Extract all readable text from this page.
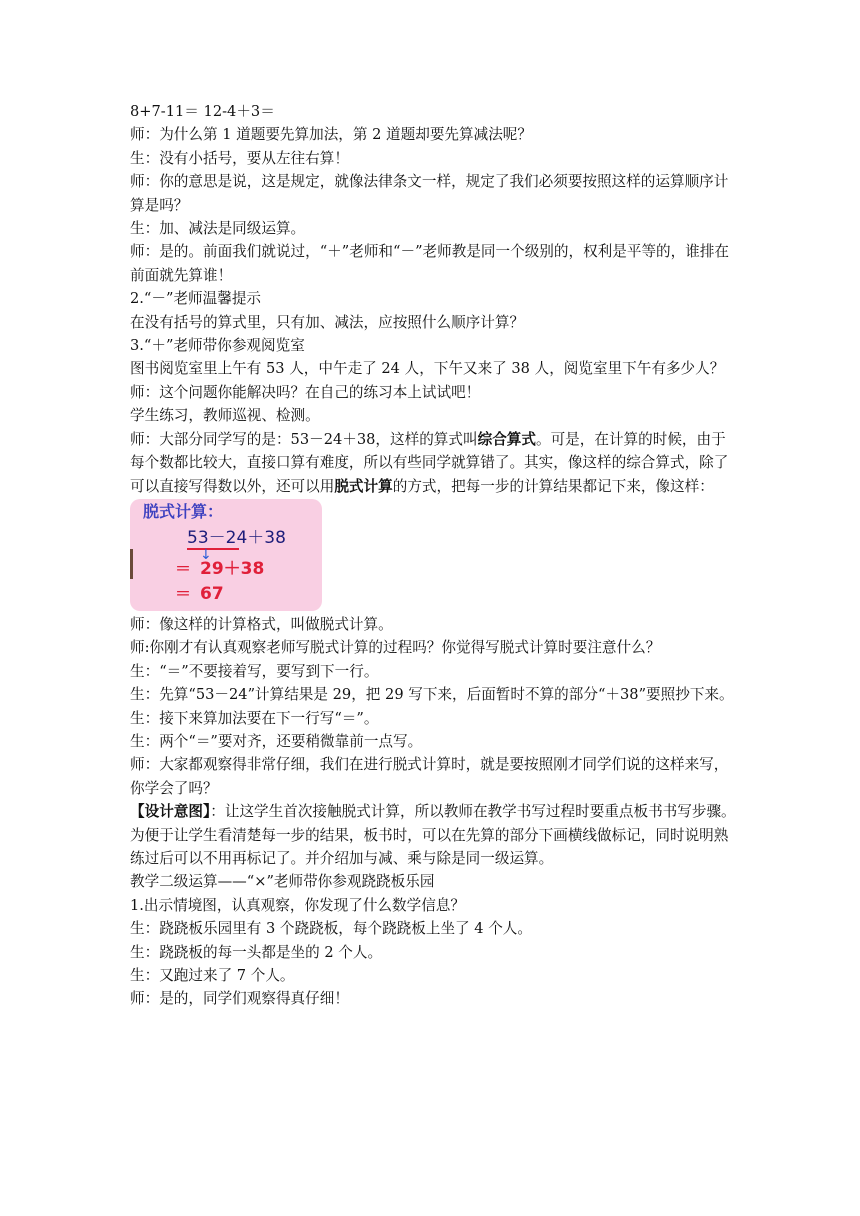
8+7-11＝ 12-4＋3＝

师：为什么第 1 道题要先算加法，第 2 道题却要先算减法呢？

生：没有小括号，要从左往右算！

师：你的意思是说，这是规定，就像法律条文一样，规定了我们必须要按照这样的运算顺序计算是吗？

生：加、减法是同级运算。

师：是的。前面我们就说过，“＋”老师和“－”老师教是同一个级别的，权利是平等的，谁排在前面就先算谁！

2.“－”老师温馨提示

在没有括号的算式里，只有加、减法，应按照什么顺序计算？

3.“＋”老师带你参观阅览室

图书阅览室里上午有 53 人，中午走了 24 人，下午又来了 38 人，阅览室里下午有多少人？

师：这个问题你能解决吗？在自己的练习本上试试吧！

学生练习，教师巡视、检测。

师：大部分同学写的是：53－24＋38，这样的算式叫综合算式。可是，在计算的时候，由于每个数都比较大，直接口算有难度，所以有些同学就算错了。其实，像这样的综合算式，除了可以直接写得数以外，还可以用脱式计算的方式，把每一步的计算结果都记下来，像这样：

脱式计算：
53－24＋38
↓
＝ 29＋38
＝ 67

师：像这样的计算格式，叫做脱式计算。

师:你刚才有认真观察老师写脱式计算的过程吗？你觉得写脱式计算时要注意什么？

生：“＝”不要接着写，要写到下一行。

生：先算“53－24”计算结果是 29，把 29 写下来，后面暂时不算的部分“＋38”要照抄下来。

生：接下来算加法要在下一行写“＝”。

生：两个“＝”要对齐，还要稍微靠前一点写。

师：大家都观察得非常仔细，我们在进行脱式计算时，就是要按照刚才同学们说的这样来写，你学会了吗？

【设计意图】：让这学生首次接触脱式计算，所以教师在教学书写过程时要重点板书书写步骤。为便于让学生看清楚每一步的结果，板书时，可以在先算的部分下画横线做标记，同时说明熟练过后可以不用再标记了。并介绍加与减、乘与除是同一级运算。

教学二级运算——“×”老师带你参观跷跷板乐园

1.出示情境图，认真观察，你发现了什么数学信息？

生：跷跷板乐园里有 3 个跷跷板，每个跷跷板上坐了 4 个人。

生：跷跷板的每一头都是坐的 2 个人。

生：又跑过来了 7 个人。

师：是的，同学们观察得真仔细！
